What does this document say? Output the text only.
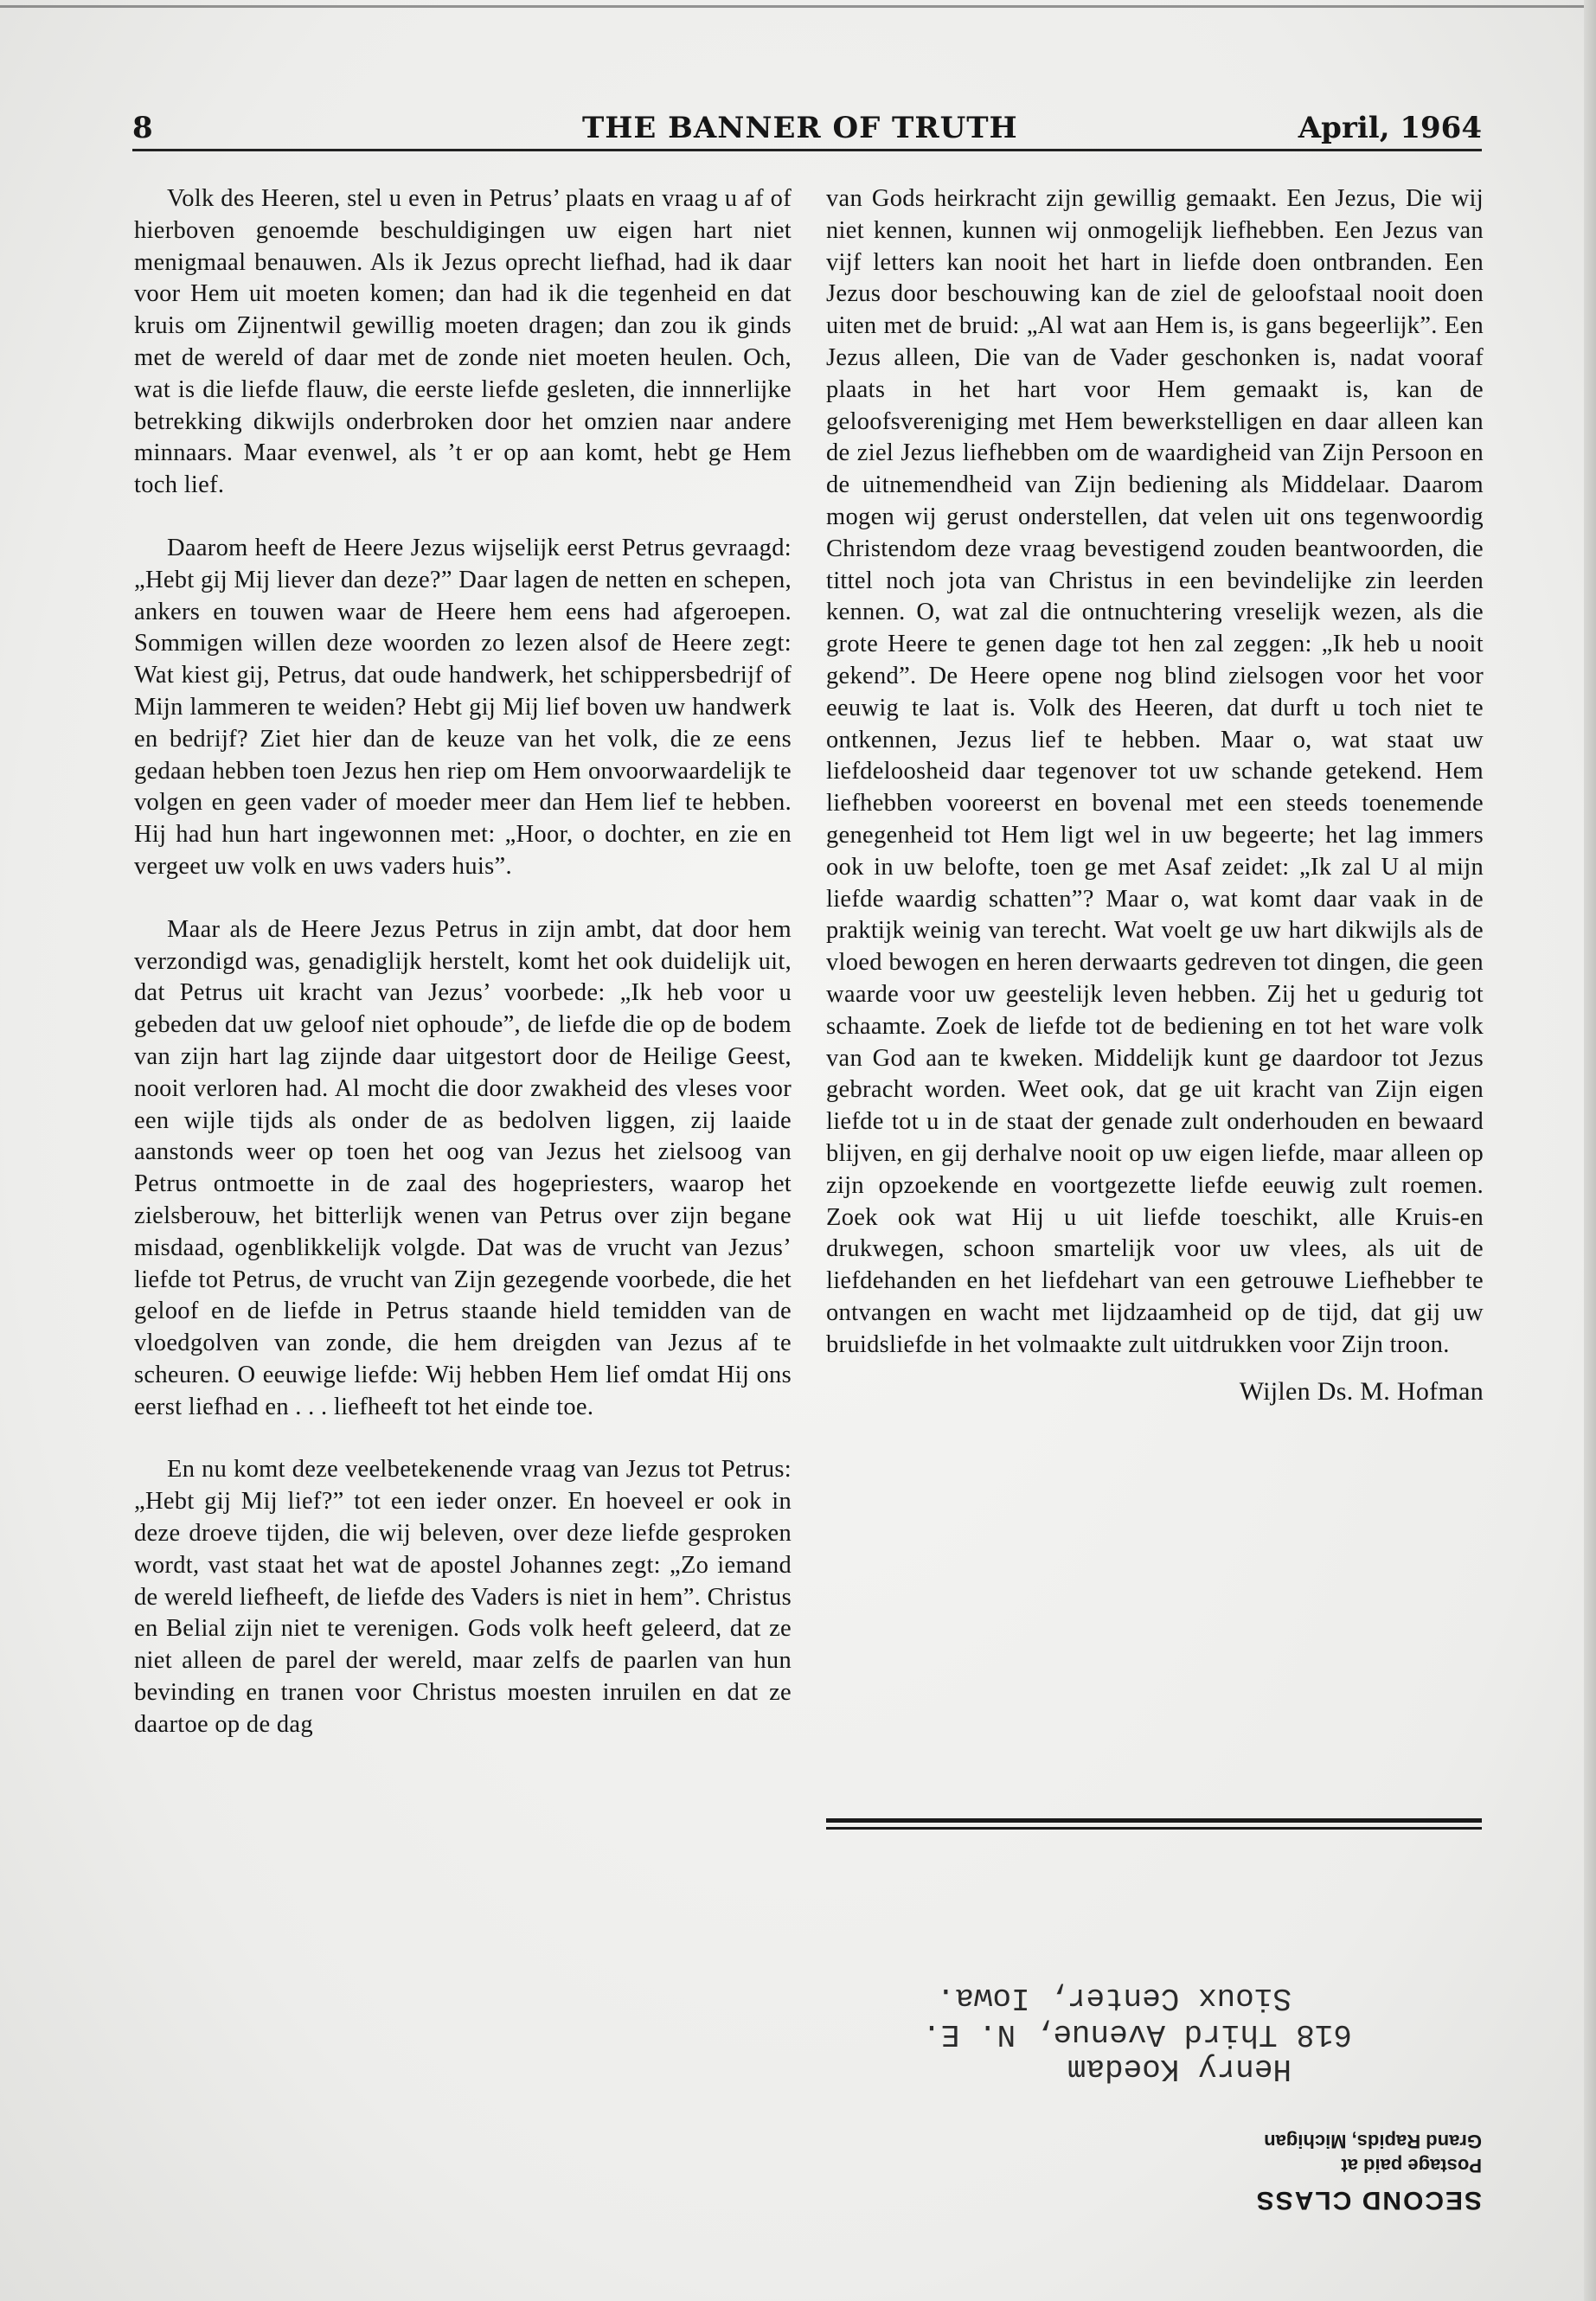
8	THE BANNER OF TRUTH	April, 1964

Volk des Heeren, stel u even in Petrus’ plaats en vraag u af of hierboven genoemde beschuldigingen uw eigen hart niet menigmaal benauwen. Als ik Jezus oprecht liefhad, had ik daar voor Hem uit moeten komen; dan had ik die tegenheid en dat kruis om Zijnentwil gewillig moeten dragen; dan zou ik ginds met de wereld of daar met de zonde niet moeten heulen. Och, wat is die liefde flauw, die eerste liefde gesleten, die innnerlijke betrekking dikwijls onderbroken door het omzien naar andere minnaars. Maar evenwel, als ’t er op aan komt, hebt ge Hem toch lief.

Daarom heeft de Heere Jezus wijselijk eerst Petrus gevraagd: „Hebt gij Mij liever dan deze?” Daar lagen de netten en schepen, ankers en touwen waar de Heere hem eens had afgeroepen. Sommigen willen deze woorden zo lezen alsof de Heere zegt: Wat kiest gij, Petrus, dat oude handwerk, het schippersbedrijf of Mijn lammeren te weiden? Hebt gij Mij lief boven uw handwerk en bedrijf? Ziet hier dan de keuze van het volk, die ze eens gedaan hebben toen Jezus hen riep om Hem onvoorwaardelijk te volgen en geen vader of moeder meer dan Hem lief te hebben. Hij had hun hart ingewonnen met: „Hoor, o dochter, en zie en vergeet uw volk en uws vaders huis”.

Maar als de Heere Jezus Petrus in zijn ambt, dat door hem verzondigd was, genadiglijk herstelt, komt het ook duidelijk uit, dat Petrus uit kracht van Jezus’ voorbede: „Ik heb voor u gebeden dat uw geloof niet ophoude”, de liefde die op de bodem van zijn hart lag zijnde daar uitgestort door de Heilige Geest, nooit verloren had. Al mocht die door zwakheid des vleses voor een wijle tijds als onder de as bedolven liggen, zij laaide aanstonds weer op toen het oog van Jezus het zielsoog van Petrus ontmoette in de zaal des hogepriesters, waarop het zielsberouw, het bitterlijk wenen van Petrus over zijn begane misdaad, ogenblikkelijk volgde. Dat was de vrucht van Jezus’ liefde tot Petrus, de vrucht van Zijn gezegende voorbede, die het geloof en de liefde in Petrus staande hield temidden van de vloedgolven van zonde, die hem dreigden van Jezus af te scheuren. O eeuwige liefde: Wij hebben Hem lief omdat Hij ons eerst liefhad en . . . liefheeft tot het einde toe.

En nu komt deze veelbetekenende vraag van Jezus tot Petrus: „Hebt gij Mij lief?” tot een ieder onzer. En hoeveel er ook in deze droeve tijden, die wij beleven, over deze liefde gesproken wordt, vast staat het wat de apostel Johannes zegt: „Zo iemand de wereld liefheeft, de liefde des Vaders is niet in hem”. Christus en Belial zijn niet te verenigen. Gods volk heeft geleerd, dat ze niet alleen de parel der wereld, maar zelfs de paarlen van hun bevinding en tranen voor Christus moesten inruilen en dat ze daartoe op de dag

van Gods heirkracht zijn gewillig gemaakt. Een Jezus, Die wij niet kennen, kunnen wij onmogelijk liefhebben. Een Jezus van vijf letters kan nooit het hart in liefde doen ontbranden. Een Jezus door beschouwing kan de ziel de geloofstaal nooit doen uiten met de bruid: „Al wat aan Hem is, is gans begeerlijk”. Een Jezus alleen, Die van de Vader geschonken is, nadat vooraf plaats in het hart voor Hem gemaakt is, kan de geloofsvereniging met Hem bewerkstelligen en daar alleen kan de ziel Jezus liefhebben om de waardigheid van Zijn Persoon en de uitnemendheid van Zijn bediening als Middelaar. Daarom mogen wij gerust onderstellen, dat velen uit ons tegenwoordig Christendom deze vraag bevestigend zouden beantwoorden, die tittel noch jota van Christus in een bevindelijke zin leerden kennen. O, wat zal die ontnuchtering vreselijk wezen, als die grote Heere te genen dage tot hen zal zeggen: „Ik heb u nooit gekend”. De Heere opene nog blind zielsogen voor het voor eeuwig te laat is. Volk des Heeren, dat durft u toch niet te ontkennen, Jezus lief te hebben. Maar o, wat staat uw liefdeloosheid daar tegenover tot uw schande getekend. Hem liefhebben vooreerst en bovenal met een steeds toenemende genegenheid tot Hem ligt wel in uw begeerte; het lag immers ook in uw belofte, toen ge met Asaf zeidet: „Ik zal U al mijn liefde waardig schatten”? Maar o, wat komt daar vaak in de praktijk weinig van terecht. Wat voelt ge uw hart dikwijls als de vloed bewogen en heren derwaarts gedreven tot dingen, die geen waarde voor uw geestelijk leven hebben. Zij het u gedurig tot schaamte. Zoek de liefde tot de bediening en tot het ware volk van God aan te kweken. Middelijk kunt ge daardoor tot Jezus gebracht worden. Weet ook, dat ge uit kracht van Zijn eigen liefde tot u in de staat der genade zult onderhouden en bewaard blijven, en gij derhalve nooit op uw eigen liefde, maar alleen op zijn opzoekende en voortgezette liefde eeuwig zult roemen. Zoek ook wat Hij u uit liefde toeschikt, alle Kruis-en drukwegen, schoon smartelijk voor uw vlees, als uit de liefdehanden en het liefdehart van een getrouwe Liefhebber te ontvangen en wacht met lijdzaamheid op de tijd, dat gij uw bruidsliefde in het volmaakte zult uitdrukken voor Zijn troon.

Wijlen Ds. M. Hofman
SECOND CLASS
Postage paid at
Grand Rapids, Michigan
Henry Koedam
618 Third Avenue, N. E.
Sioux Center, Iowa.
